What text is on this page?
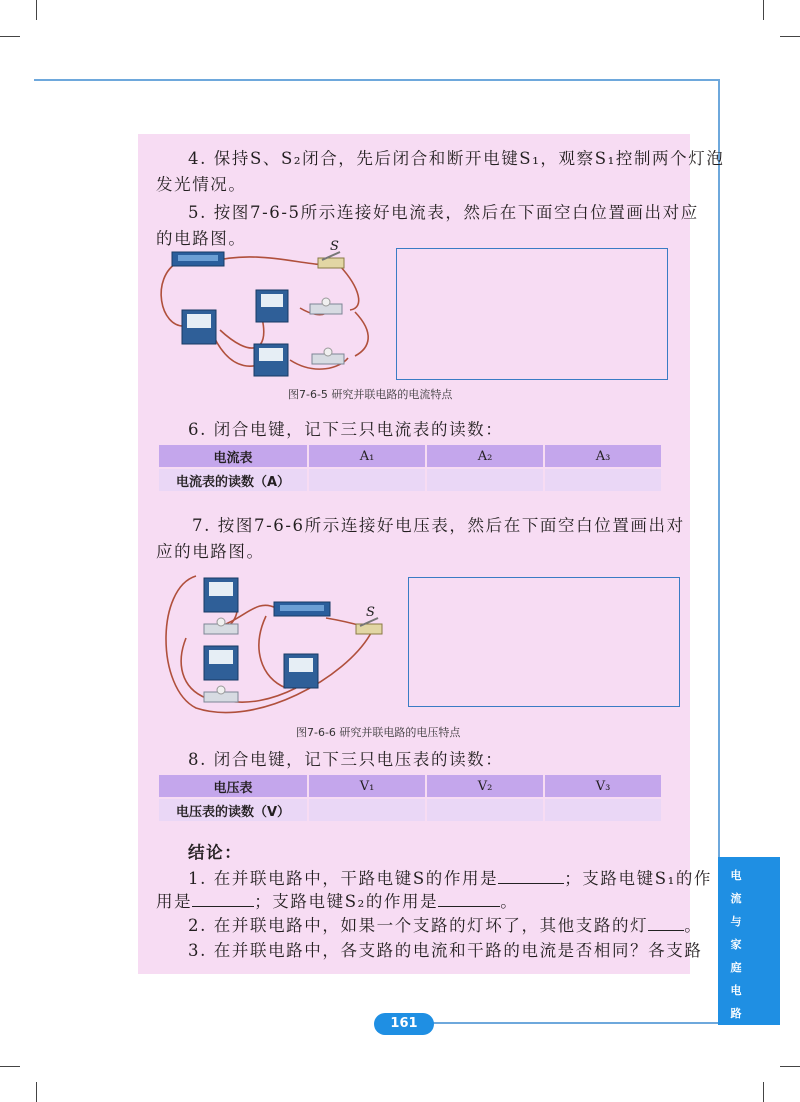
4. 保持S、S₂闭合，先后闭合和断开电键S₁，观察S₁控制两个灯泡

发光情况。

5. 按图7-6-5所示连接好电流表，然后在下面空白位置画出对应

的电路图。	S
图7-6-5 研究并联电路的电流特点

6. 闭合电键，记下三只电流表的读数：

电流表	A₁	A₂	A₃
电流表的读数（A）			

7. 按图7-6-6所示连接好电压表，然后在下面空白位置画出对

应的电路图。

S
图7-6-6 研究并联电路的电压特点

8. 闭合电键，记下三只电压表的读数：

电压表	V₁	V₂	V₃
电压表的读数（V）			

结论：

1. 在并联电路中，干路电键S的作用是	；支路电键S₁的作

用是	；支路电键S₂的作用是	。

2. 在并联电路中，如果一个支路的灯坏了，其他支路的灯 。

3. 在并联电路中，各支路的电流和干路的电流是否相同？各支路

电
流
与
家
庭
电
路
161
